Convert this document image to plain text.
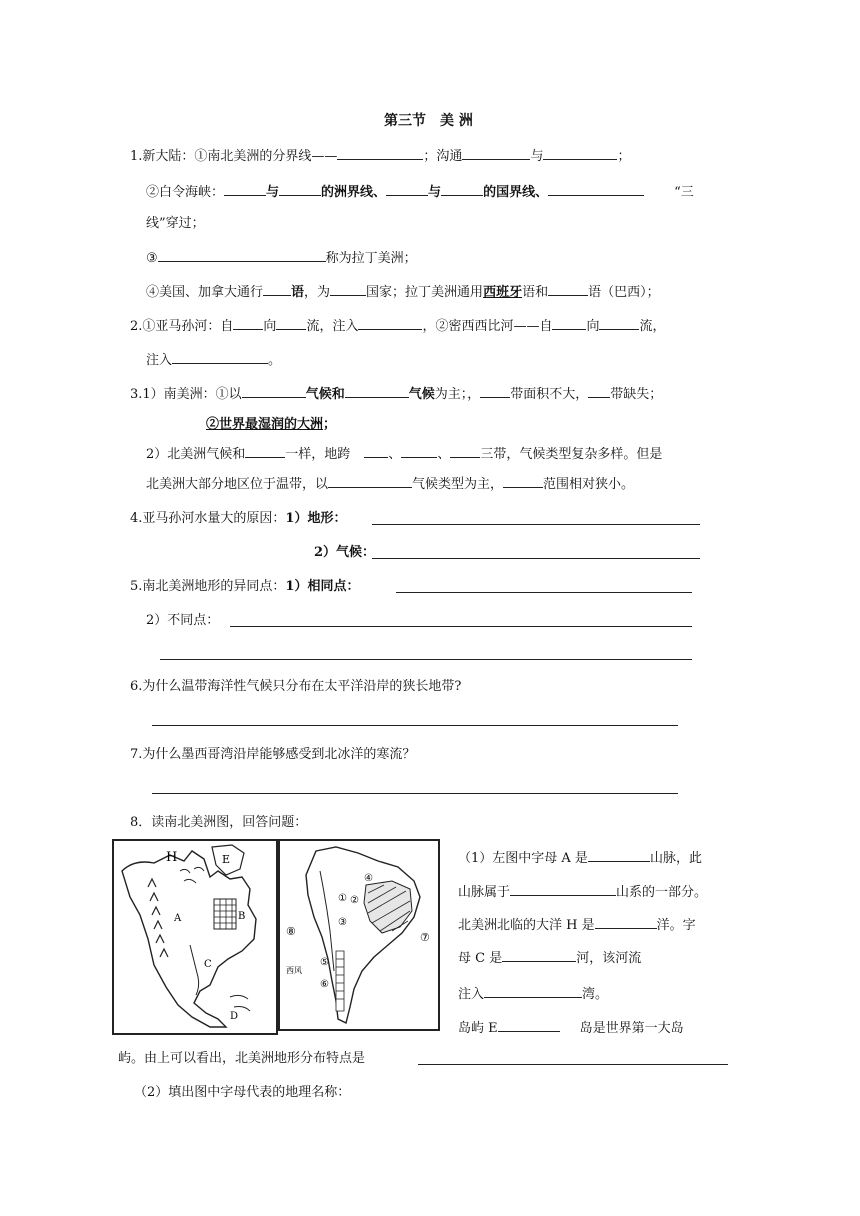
第三节　美 洲
1.新大陆：①南北美洲的分界线——	；沟通	与	；
②白令海峡：	与	的洲界线、	与	的国界线、	“三
线”穿过；
③	称为拉丁美洲；
④美国、加拿大通行 语，为	国家；拉丁美洲通用西班牙语和	语（巴西）；
2.①亚马孙河：自 向 流，注入	，②密西西比河——自	向	流，
注入	。
3.1）南美洲：①以	气候和	气候为主；， 带面积不大， 带缺失；
②世界最湿润的大洲；
2）北美洲气候和	一样，地跨	、	、 三带，气候类型复杂多样。但是
北美洲大部分地区位于温带，以	气候类型为主，	范围相对狭小。
4.亚马孙河水量大的原因：1）地形：
2）气候：
5.南北美洲地形的异同点：1）相同点：
2）不同点：
6.为什么温带海洋性气候只分布在太平洋沿岸的狭长地带?
7.为什么墨西哥湾沿岸能够感受到北冰洋的寒流？
8．读南北美洲图，回答问题：
H	E
A	B
C
D
⑧	⑦
① ②
③
④
⑤
⑥
西风
（1）左图中字母 A 是	山脉，此
山脉属于	山系的一部分。
北美洲北临的大洋 H 是	洋。字
母 C 是	河，该河流
注入	湾。
岛屿 E	岛是世界第一大岛
屿。由上可以看出，北美洲地形分布特点是
（2）填出图中字母代表的地理名称：
